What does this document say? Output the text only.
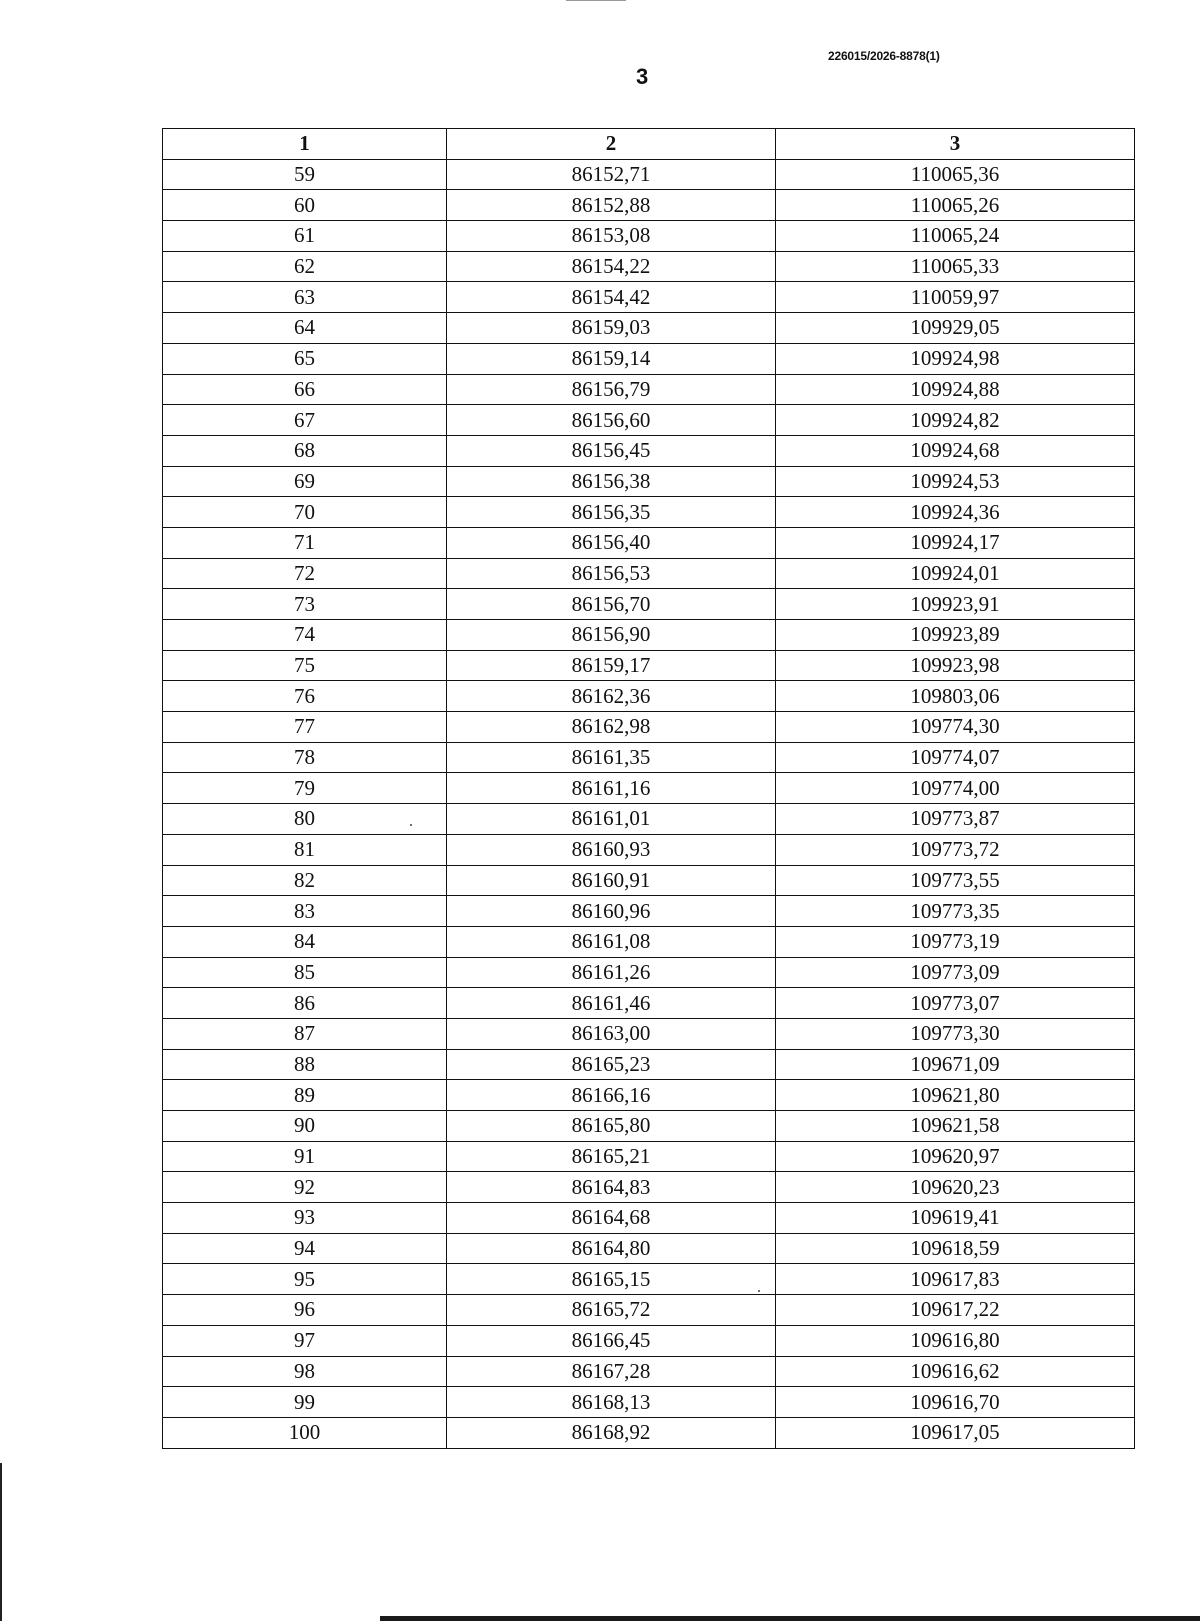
226015/2026-8878(1)
3
1	2	3
59	86152,71	110065,36
60	86152,88	110065,26
61	86153,08	110065,24
62	86154,22	110065,33
63	86154,42	110059,97
64	86159,03	109929,05
65	86159,14	109924,98
66	86156,79	109924,88
67	86156,60	109924,82
68	86156,45	109924,68
69	86156,38	109924,53
70	86156,35	109924,36
71	86156,40	109924,17
72	86156,53	109924,01
73	86156,70	109923,91
74	86156,90	109923,89
75	86159,17	109923,98
76	86162,36	109803,06
77	86162,98	109774,30
78	86161,35	109774,07
79	86161,16	109774,00
80	86161,01	109773,87
81	86160,93	109773,72
82	86160,91	109773,55
83	86160,96	109773,35
84	86161,08	109773,19
85	86161,26	109773,09
86	86161,46	109773,07
87	86163,00	109773,30
88	86165,23	109671,09
89	86166,16	109621,80
90	86165,80	109621,58
91	86165,21	109620,97
92	86164,83	109620,23
93	86164,68	109619,41
94	86164,80	109618,59
95	86165,15	109617,83
96	86165,72	109617,22
97	86166,45	109616,80
98	86167,28	109616,62
99	86168,13	109616,70
100	86168,92	109617,05
